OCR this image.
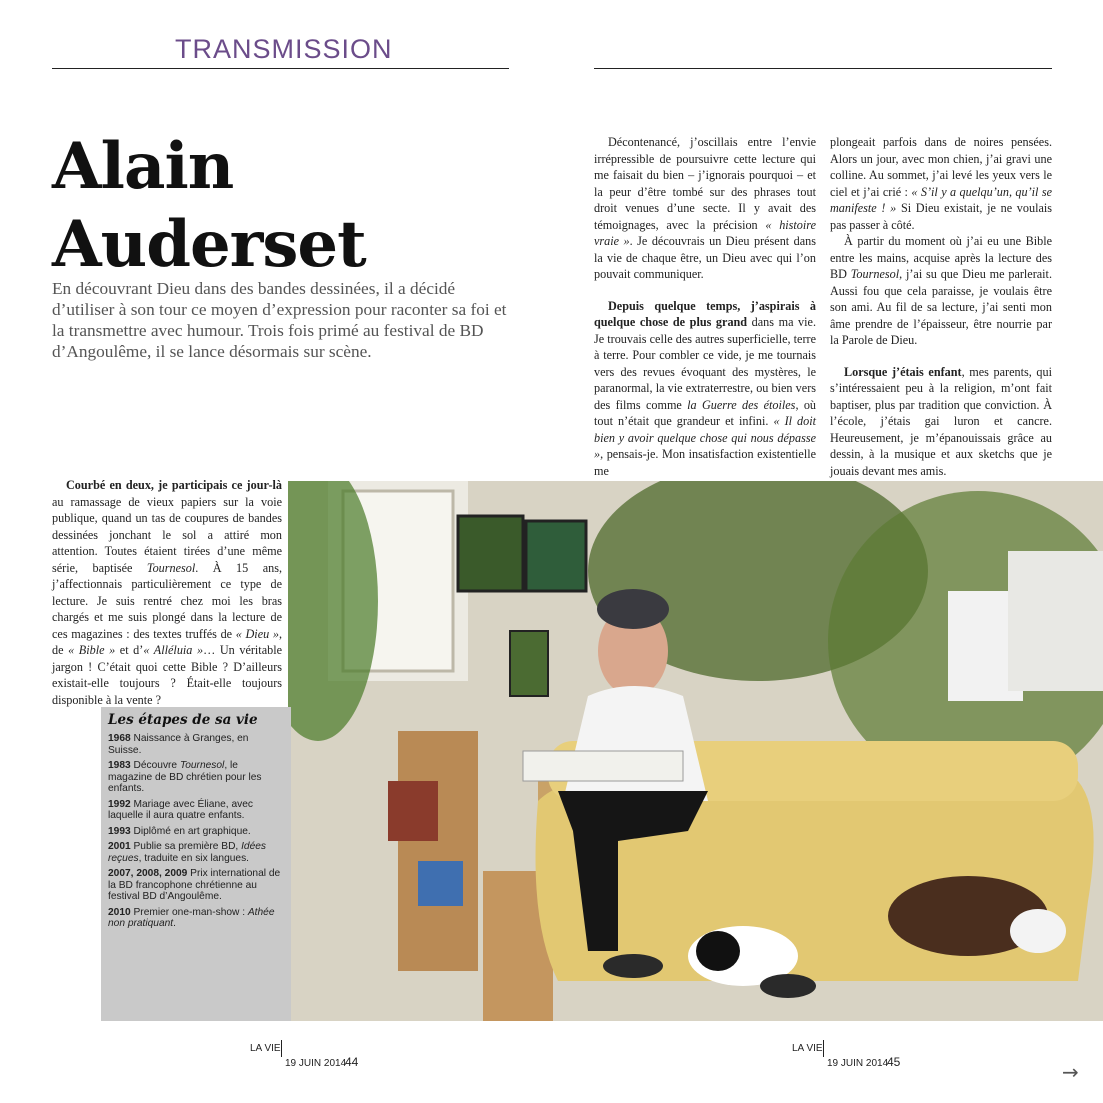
TRANSMISSION
Alain
Auderset
En découvrant Dieu dans des bandes dessinées, il a décidé d’utiliser à son tour ce moyen d’expression pour raconter sa foi et la transmettre avec humour. Trois fois primé au festival de BD d’Angoulême, il se lance désormais sur scène.

Décontenancé, j’oscillais entre l’envie irrépressible de poursuivre cette lecture qui me faisait du bien – j’ignorais pourquoi – et la peur d’être tombé sur des phrases tout droit venues d’une secte. Il y avait des témoignages, avec la précision « histoire vraie ». Je découvrais un Dieu présent dans la vie de chaque être, un Dieu avec qui l’on pouvait communiquer.

Depuis quelque temps, j’aspirais à quelque chose de plus grand dans ma vie. Je trouvais celle des autres superficielle, terre à terre. Pour combler ce vide, je me tournais vers des revues évoquant des mystères, le paranormal, la vie extraterrestre, ou bien vers des films comme la Guerre des étoiles, où tout n’était que grandeur et infini. « Il doit bien y avoir quelque chose qui nous dépasse », pensais-je. Mon insatisfaction existentielle me

plongeait parfois dans de noires pensées. Alors un jour, avec mon chien, j’ai gravi une colline. Au sommet, j’ai levé les yeux vers le ciel et j’ai crié : « S’il y a quelqu’un, qu’il se manifeste ! » Si Dieu existait, je ne voulais pas passer à côté.

À partir du moment où j’ai eu une Bible entre les mains, acquise après la lecture des BD Tournesol, j’ai su que Dieu me parlerait. Aussi fou que cela paraisse, je voulais être son ami. Au fil de sa lecture, j’ai senti mon âme prendre de l’épaisseur, être nourrie par la Parole de Dieu.

Lorsque j’étais enfant, mes parents, qui s’intéressaient peu à la religion, m’ont fait baptiser, plus par tradition que conviction. À l’école, j’étais gai luron et cancre. Heureusement, je m’épanouissais grâce au dessin, à la musique et aux sketchs que je jouais devant mes amis.

Courbé en deux, je participais ce jour-là au ramassage de vieux papiers sur la voie publique, quand un tas de coupures de bandes dessinées jonchant le sol a attiré mon attention. Toutes étaient tirées d’une même série, baptisée Tournesol. À 15 ans, j’affectionnais particulièrement ce type de lecture. Je suis rentré chez moi les bras chargés et me suis plongé dans la lecture de ces magazines : des textes truffés de « Dieu », de « Bible » et d’« Alléluia »… Un véritable jargon ! C’était quoi cette Bible ? D’ailleurs existait-elle toujours ? Était-elle toujours disponible à la vente ?

Les étapes de sa vie
1968 Naissance à Granges, en Suisse.
1983 Découvre Tournesol, le magazine de BD chrétien pour les enfants.
1992 Mariage avec Éliane, avec laquelle il aura quatre enfants.
1993 Diplômé en art graphique.
2001 Publie sa première BD, Idées reçues, traduite en six langues.
2007, 2008, 2009 Prix international de la BD francophone chrétienne au festival BD d’Angoulême.
2010 Premier one-man-show : Athée non pratiquant.
LA VIE
19 JUIN 2014
44
LA VIE
19 JUIN 2014
45	→
